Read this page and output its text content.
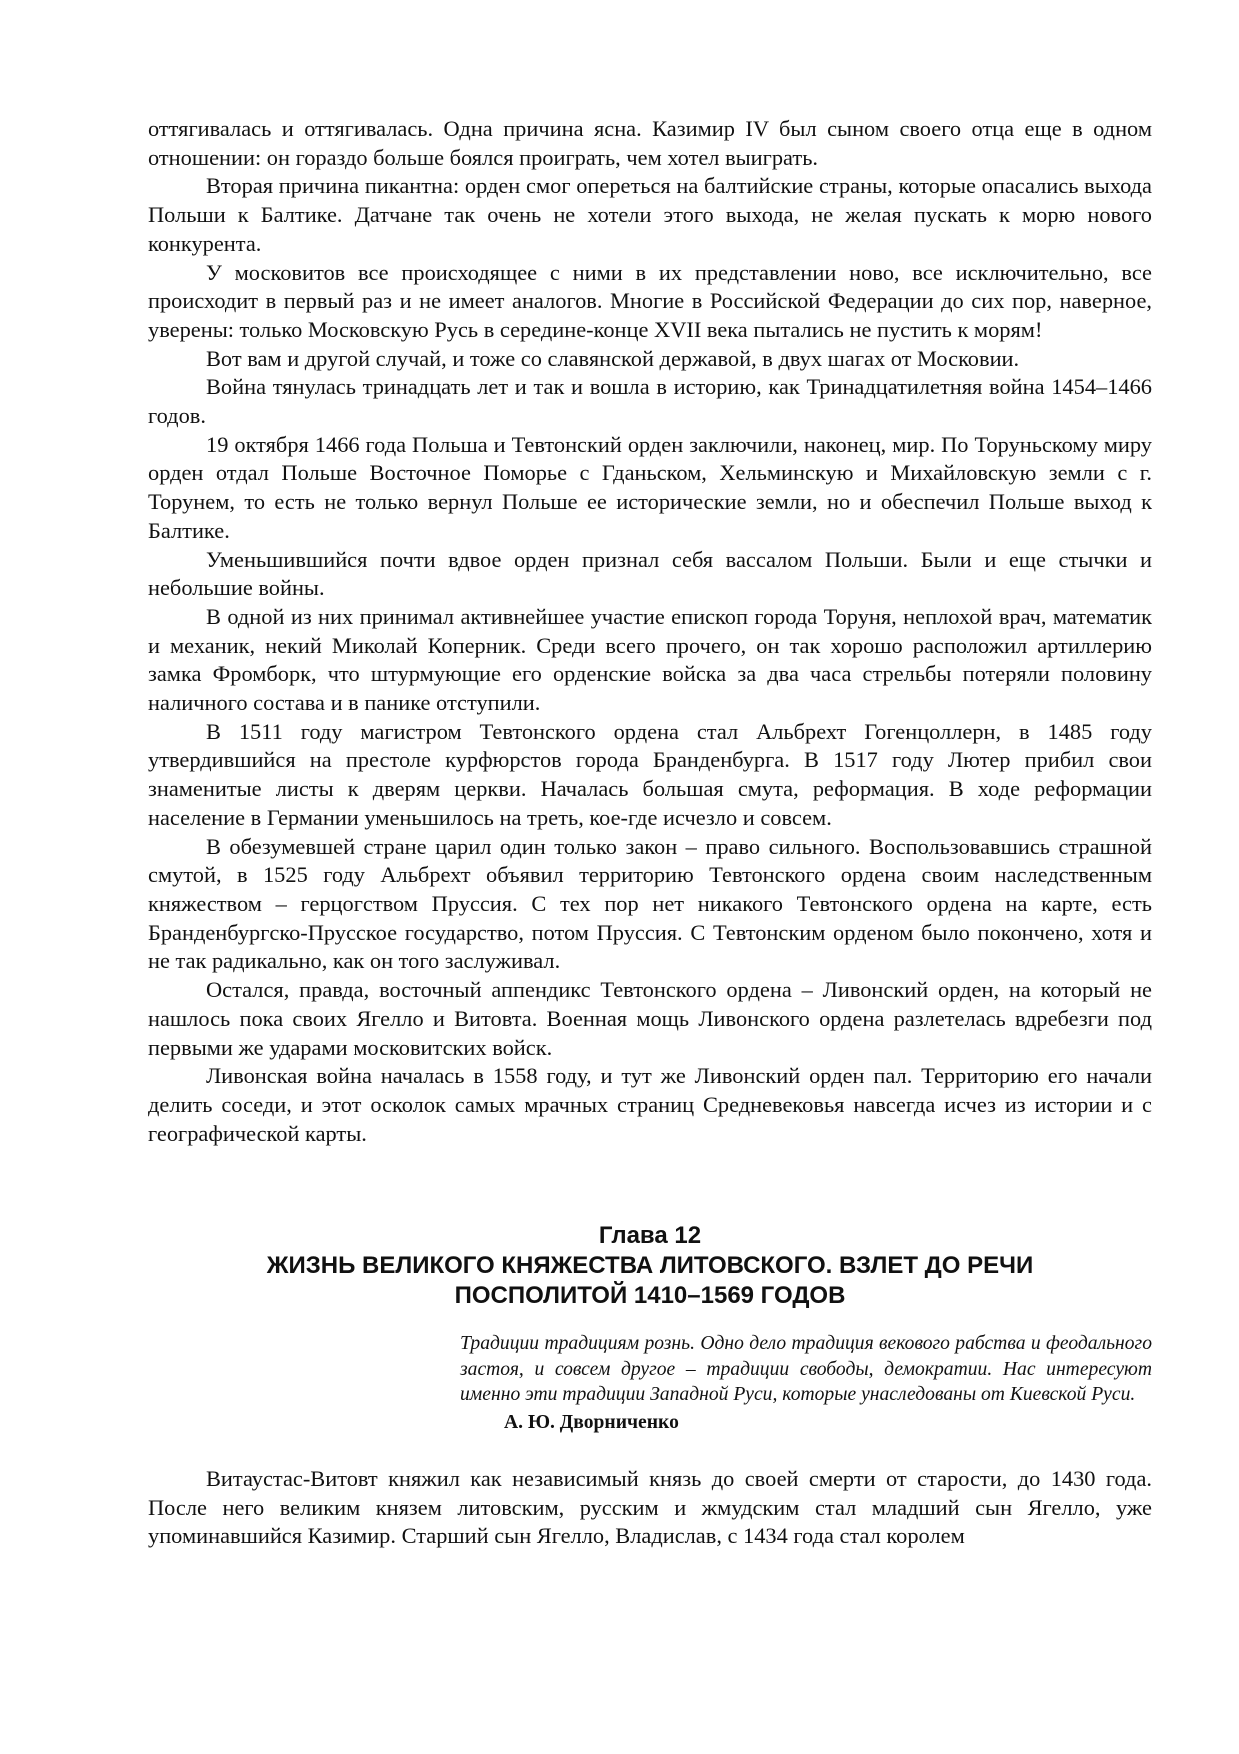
оттягивалась и оттягивалась. Одна причина ясна. Казимир IV был сыном своего отца еще в одном отношении: он гораздо больше боялся проиграть, чем хотел выиграть.

Вторая причина пикантна: орден смог опереться на балтийские страны, которые опасались выхода Польши к Балтике. Датчане так очень не хотели этого выхода, не желая пускать к морю нового конкурента.

У московитов все происходящее с ними в их представлении ново, все исключительно, все происходит в первый раз и не имеет аналогов. Многие в Российской Федерации до сих пор, наверное, уверены: только Московскую Русь в середине-конце XVII века пытались не пустить к морям!

Вот вам и другой случай, и тоже со славянской державой, в двух шагах от Московии.

Война тянулась тринадцать лет и так и вошла в историю, как Тринадцатилетняя война 1454–1466 годов.

19 октября 1466 года Польша и Тевтонский орден заключили, наконец, мир. По Торуньскому миру орден отдал Польше Восточное Поморье с Гданьском, Хельминскую и Михайловскую земли с г. Торунем, то есть не только вернул Польше ее исторические земли, но и обеспечил Польше выход к Балтике.

Уменьшившийся почти вдвое орден признал себя вассалом Польши. Были и еще стычки и небольшие войны.

В одной из них принимал активнейшее участие епископ города Торуня, неплохой врач, математик и механик, некий Миколай Коперник. Среди всего прочего, он так хорошо расположил артиллерию замка Фромборк, что штурмующие его орденские войска за два часа стрельбы потеряли половину наличного состава и в панике отступили.

В 1511 году магистром Тевтонского ордена стал Альбрехт Гогенцоллерн, в 1485 году утвердившийся на престоле курфюрстов города Бранденбурга. В 1517 году Лютер прибил свои знаменитые листы к дверям церкви. Началась большая смута, реформация. В ходе реформации население в Германии уменьшилось на треть, кое-где исчезло и совсем.

В обезумевшей стране царил один только закон – право сильного. Воспользовавшись страшной смутой, в 1525 году Альбрехт объявил территорию Тевтонского ордена своим наследственным княжеством – герцогством Пруссия. С тех пор нет никакого Тевтонского ордена на карте, есть Бранденбургско-Прусское государство, потом Пруссия. С Тевтонским орденом было покончено, хотя и не так радикально, как он того заслуживал.

Остался, правда, восточный аппендикс Тевтонского ордена – Ливонский орден, на который не нашлось пока своих Ягелло и Витовта. Военная мощь Ливонского ордена разлетелась вдребезги под первыми же ударами московитских войск.

Ливонская война началась в 1558 году, и тут же Ливонский орден пал. Территорию его начали делить соседи, и этот осколок самых мрачных страниц Средневековья навсегда исчез из истории и с географической карты.

Глава 12

ЖИЗНЬ ВЕЛИКОГО КНЯЖЕСТВА ЛИТОВСКОГО. ВЗЛЕТ ДО РЕЧИ

ПОСПОЛИТОЙ 1410–1569 ГОДОВ

Традиции традициям рознь. Одно дело традиция векового рабства и феодального застоя, и совсем другое – традиции свободы, демократии. Нас интересуют именно эти традиции Западной Руси, которые унаследованы от Киевской Руси.

А. Ю. Дворниченко

Витаустас-Витовт княжил как независимый князь до своей смерти от старости, до 1430 года. После него великим князем литовским, русским и жмудским стал младший сын Ягелло, уже упоминавшийся Казимир. Старший сын Ягелло, Владислав, с 1434 года стал королем
